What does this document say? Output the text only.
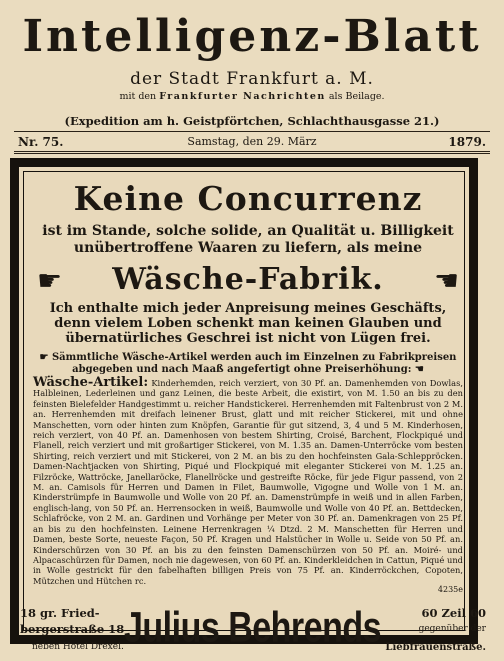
Intelligenz-Blatt
der Stadt Frankfurt a. M.
mit den Frankfurter Nachrichten als Beilage.
(Expedition am h. Geistpförtchen, Schlachthausgasse 21.)
Nr. 75.	Samstag, den 29. März	1879.
Keine Concurrenz
ist im Stande, solche solide, an Qualität u. Billigkeit unübertroffene Waaren zu liefern, als meine
☛	Wäsche-Fabrik.	☛
Ich enthalte mich jeder Anpreisung meines Geschäfts, denn vielem Loben schenkt man keinen Glauben und übernatürliches Geschrei ist nicht von Lügen frei.
☛ Sämmtliche Wäsche-Artikel werden auch im Einzelnen zu Fabrikpreisen abgegeben und nach Maaß angefertigt ohne Preiserhöhung: ☚
Wäsche-Artikel: Kinderhemden, reich verziert, von 30 Pf. an. Damenhemden von Dowlas, Halbleinen, Lederleinen und ganz Leinen, die beste Arbeit, die existirt, von M. 1.50 an bis zu den feinsten Bielefelder Handgestimmt u. reicher Handstickerei. Herrenhemden mit Faltenbrust von 2 M. an. Herrenhemden mit dreifach leinener Brust, glatt und mit reicher Stickerei, mit und ohne Manschetten, vorn oder hinten zum Knöpfen, Garantie für gut sitzend, 3, 4 und 5 M. Kinderhosen, reich verziert, von 40 Pf. an. Damenhosen von bestem Shirting, Croisé, Barchent, Flockpiqué und Flanell, reich verziert und mit großartiger Stickerei, von M. 1.35 an. Damen-Unterröcke vom besten Shirting, reich verziert und mit Stickerei, von 2 M. an bis zu den hochfeinsten Gala-Schleppröcken. Damen-Nachtjacken von Shirting, Piqué und Flockpiqué mit eleganter Stickerei von M. 1.25 an. Filzröcke, Wattröcke, Janellaröcke, Flanellröcke und gestreifte Röcke, für jede Figur passend, von 2 M. an. Camisols für Herren und Damen in Filet, Baumwolle, Vigogne und Wolle von 1 M. an. Kinderstrümpfe in Baumwolle und Wolle von 20 Pf. an. Damenstrümpfe in weiß und in allen Farben, englisch-lang, von 50 Pf. an. Herrensocken in weiß, Baumwolle und Wolle von 40 Pf. an. Bettdecken, Schlafröcke, von 2 M. an. Gardinen und Vorhänge per Meter von 30 Pf. an. Damenkragen von 25 Pf. an bis zu den hochfeinsten. Leinene Herrenkragen ¼ Dtzd. 2 M. Manschetten für Herren und Damen, beste Sorte, neueste Façon, 50 Pf. Kragen und Halstücher in Wolle u. Seide von 50 Pf. an. Kinderschürzen von 30 Pf. an bis zu den feinsten Damenschürzen von 50 Pf. an. Moiré- und Alpacaschürzen für Damen, noch nie dagewesen, von 60 Pf. an. Kinderkleidchen in Cattun, Piqué und in Wolle gestrickt für den fabelhaften billigen Preis von 75 Pf. an. Kinderröckchen, Copoten, Mützchen und Hütchen rc.
4235e
18 gr. Fried-
bergerstraße 18
neben Hotel Drexel. Julius Behrends	60 Zeil 60
gegenüber der
Liebfrauenstraße.
